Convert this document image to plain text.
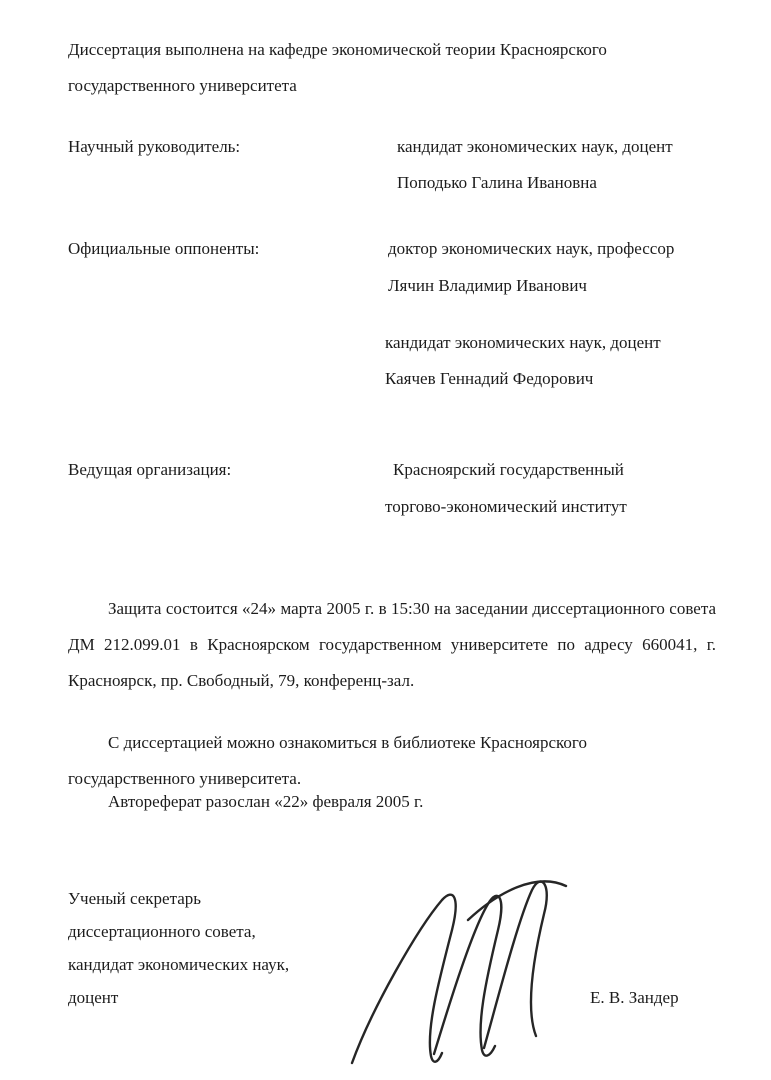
Диссертация выполнена на кафедре экономической теории Красноярского
государственного университета
Научный руководитель:	кандидат экономических наук, доцент
Поподько Галина Ивановна
Официальные оппоненты:	доктор экономических наук, профессор
Лячин Владимир Иванович
кандидат экономических наук, доцент
Каячев Геннадий Федорович
Ведущая организация:	Красноярский государственный
торгово-экономический институт
Защита состоится «24» марта 2005 г. в 15:30 на заседании диссертационного совета ДМ 212.099.01 в Красноярском государственном университете по адресу 660041, г. Красноярск, пр. Свободный, 79, конференц-зал.
С диссертацией можно ознакомиться в библиотеке Красноярского государственного университета.
Автореферат разослан «22» февраля 2005 г.
Ученый секретарь
диссертационного совета,
кандидат экономических наук,
доцент	Е. В. Зандер
